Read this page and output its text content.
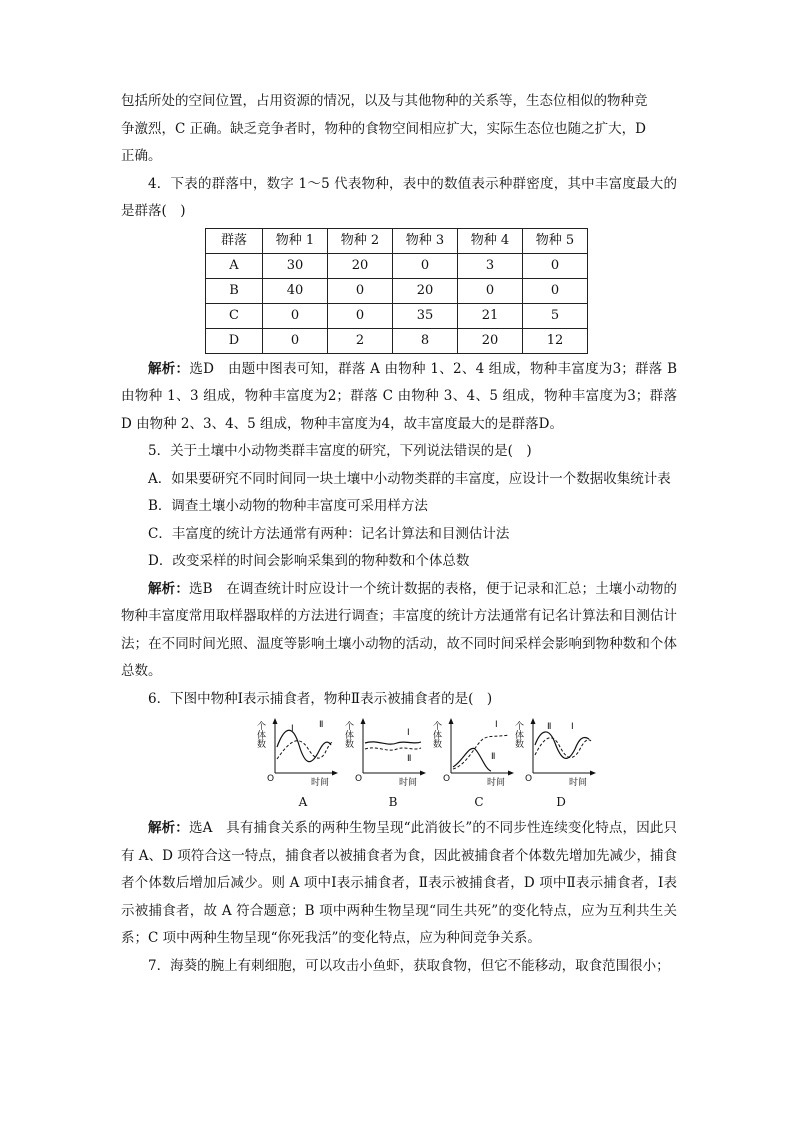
包括所处的空间位置，占用资源的情况，以及与其他物种的关系等，生态位相似的物种竞

争激烈，C 正确。缺乏竞争者时，物种的食物空间相应扩大，实际生态位也随之扩大，D

正确。

4．下表的群落中，数字 1～5 代表物种，表中的数值表示种群密度，其中丰富度最大的是群落(　)

群落	物种 1	物种 2	物种 3	物种 4	物种 5
A	30	20	0	3	0
B	40	0	20	0	0
C	0	0	35	21	5
D	0	2	8	20	12

解析：选D　由题中图表可知，群落 A 由物种 1、2、4 组成，物种丰富度为3；群落 B 由物种 1、3 组成，物种丰富度为2；群落 C 由物种 3、4、5 组成，物种丰富度为3；群落 D 由物种 2、3、4、5 组成，物种丰富度为4，故丰富度最大的是群落D。

5．关于土壤中小动物类群丰富度的研究，下列说法错误的是(　)

A．如果要研究不同时间同一块土壤中小动物类群的丰富度，应设计一个数据收集统计表

B．调查土壤小动物的物种丰富度可采用样方法

C．丰富度的统计方法通常有两种：记名计算法和目测估计法

D．改变采样的时间会影响采集到的物种数和个体总数

解析：选B　在调查统计时应设计一个统计数据的表格，便于记录和汇总；土壤小动物的物种丰富度常用取样器取样的方法进行调查；丰富度的统计方法通常有记名计算法和目测估计法；在不同时间光照、温度等影响土壤小动物的活动，故不同时间采样会影响到物种数和个体总数。

6．下图中物种Ⅰ表示捕食者，物种Ⅱ表示被捕食者的是(　)

O	时间
Ⅰ	Ⅱ
个体数
A
O	时间
Ⅰ
Ⅱ
个体数
B
O	时间
Ⅰ
Ⅱ
个体数
C
O	时间
Ⅱ Ⅰ
个体数
D

解析：选A　具有捕食关系的两种生物呈现“此消彼长”的不同步性连续变化特点，因此只有 A、D 项符合这一特点，捕食者以被捕食者为食，因此被捕食者个体数先增加先减少，捕食者个体数后增加后减少。则 A 项中Ⅰ表示捕食者，Ⅱ表示被捕食者，D 项中Ⅱ表示捕食者，Ⅰ表示被捕食者，故 A 符合题意；B 项中两种生物呈现“同生共死”的变化特点，应为互利共生关系；C 项中两种生物呈现“你死我活”的变化特点，应为种间竞争关系。

7．海葵的腕上有刺细胞，可以攻击小鱼虾，获取食物，但它不能移动，取食范围很小；
